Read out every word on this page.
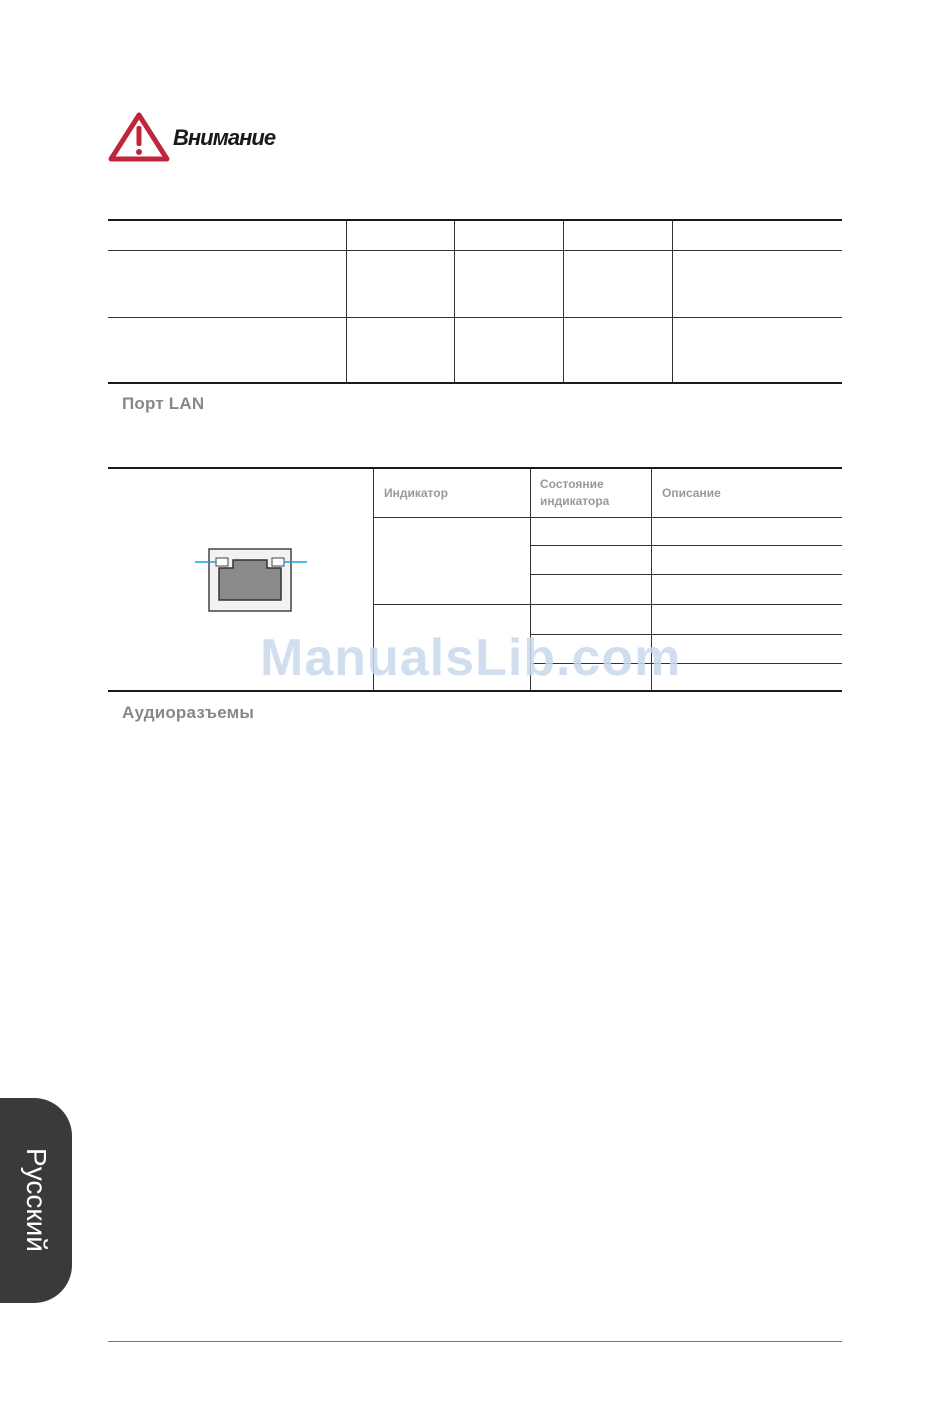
Внимание
Порт LAN
Индикатор
Состояние
индикатора
Описание
ManualsLib.com
Аудиоразъемы
Русский
